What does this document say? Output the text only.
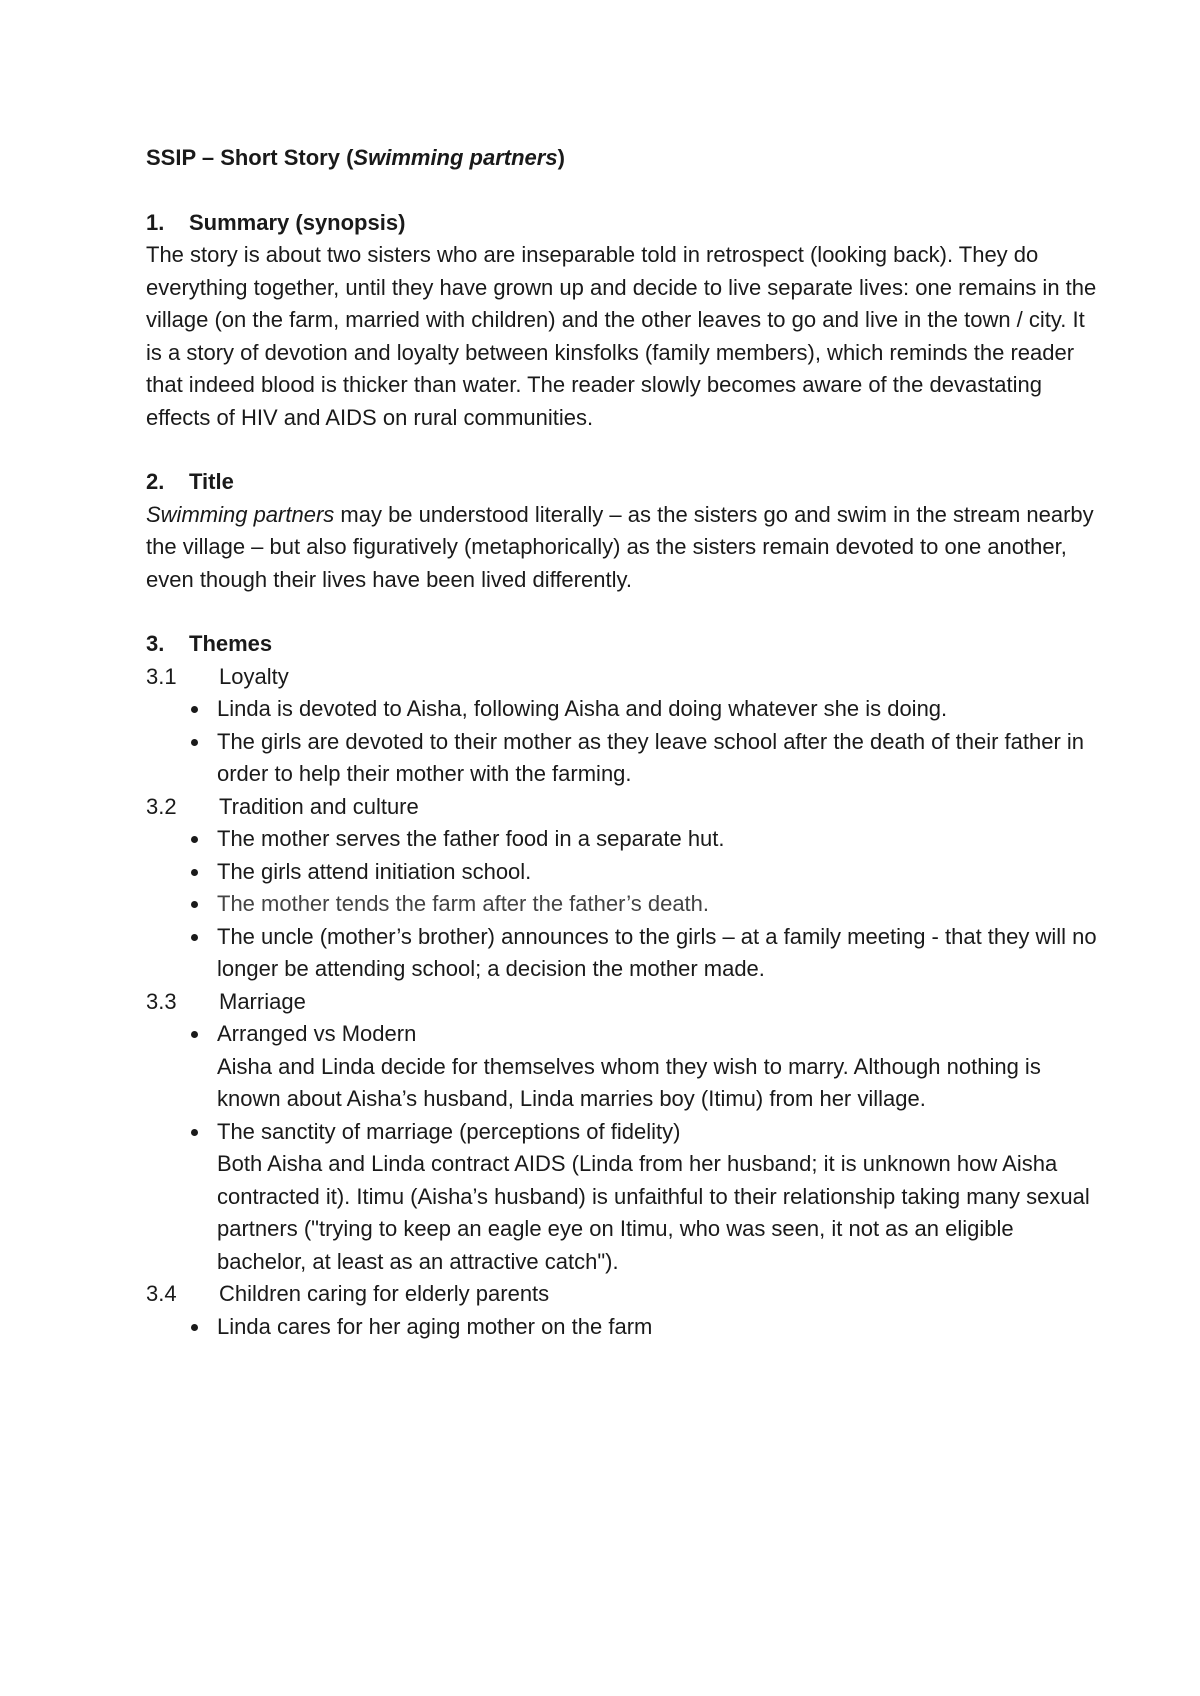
SSIP – Short Story (Swimming partners)
1.	Summary (synopsis)

The story is about two sisters who are inseparable told in retrospect (looking back). They do everything together, until they have grown up and decide to live separate lives: one remains in the village (on the farm, married with children) and the other leaves to go and live in the town / city. It is a story of devotion and loyalty between kinsfolks (family members), which reminds the reader that indeed blood is thicker than water. The reader slowly becomes aware of the devastating effects of HIV and AIDS on rural communities.

2.	Title

Swimming partners may be understood literally – as the sisters go and swim in the stream nearby the village – but also figuratively (metaphorically) as the sisters remain devoted to one another, even though their lives have been lived differently.

3.	Themes
3.1	Loyalty
Linda is devoted to Aisha, following Aisha and doing whatever she is doing.
The girls are devoted to their mother as they leave school after the death of their father in order to help their mother with the farming.
3.2	Tradition and culture
The mother serves the father food in a separate hut.
The girls attend initiation school.
The mother tends the farm after the father’s death.
The uncle (mother’s brother) announces to the girls – at a family meeting - that they will no longer be attending school; a decision the mother made.
3.3	Marriage
Arranged vs Modern
Aisha and Linda decide for themselves whom they wish to marry. Although nothing is known about Aisha’s husband, Linda marries boy (Itimu) from her village.
The sanctity of marriage (perceptions of fidelity)
Both Aisha and Linda contract AIDS (Linda from her husband; it is unknown how Aisha contracted it). Itimu (Aisha’s husband) is unfaithful to their relationship taking many sexual partners ("trying to keep an eagle eye on Itimu, who was seen, it not as an eligible bachelor, at least as an attractive catch").
3.4	Children caring for elderly parents
Linda cares for her aging mother on the farm
